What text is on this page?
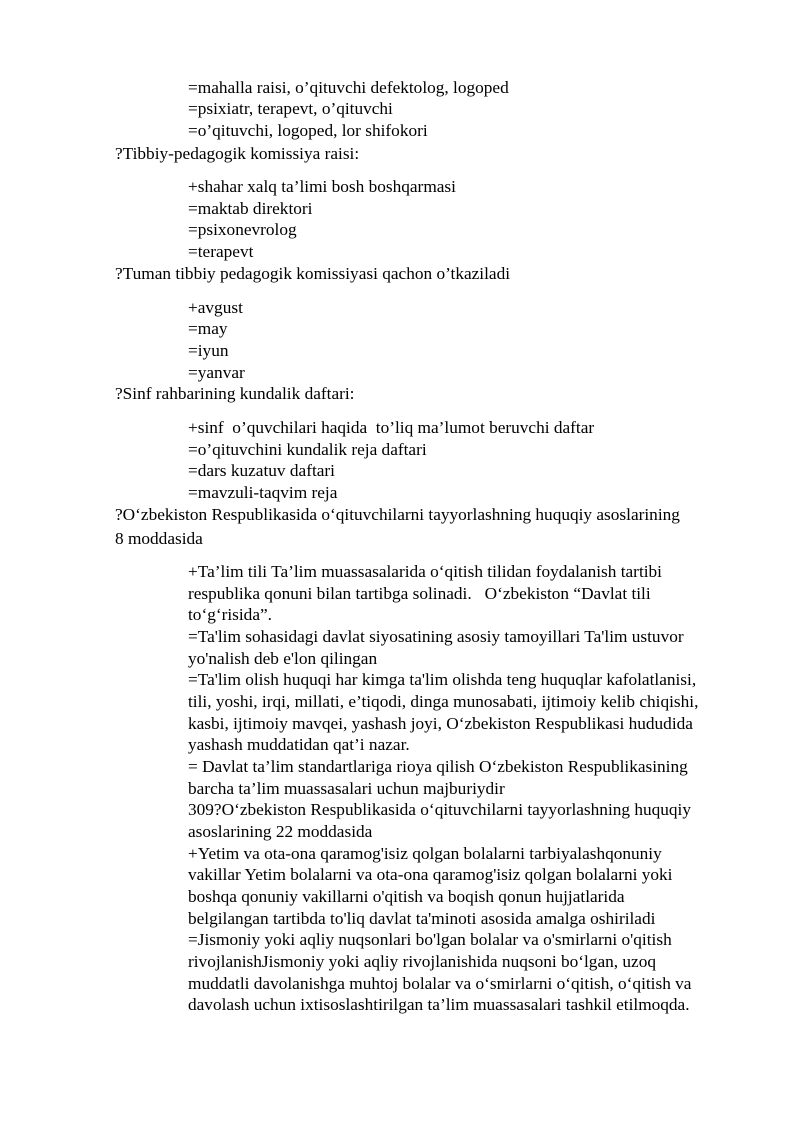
=mahalla raisi, o’qituvchi defektolog, logoped

=psixiatr, terapevt, o’qituvchi

=o’qituvchi, logoped, lor shifokori

?Tibbiy-pedagogik komissiya raisi:

+shahar xalq ta’limi bosh boshqarmasi

=maktab direktori

=psixonevrolog

=terapevt

?Tuman tibbiy pedagogik komissiyasi qachon o’tkaziladi

+avgust

=may

=iyun

=yanvar

?Sinf rahbarining kundalik daftari:

+sinf  o’quvchilari haqida  to’liq ma’lumot beruvchi daftar

=o’qituvchini kundalik reja daftari

=dars kuzatuv daftari

=mavzuli-taqvim reja

?O‘zbekiston Respublikasida o‘qituvchilarni tayyorlashning huquqiy asoslarining

8 moddasida

+Ta’lim tili Ta’lim muassasalarida o‘qitish tilidan foydalanish tartibi

respublika qonuni bilan tartibga solinadi.   O‘zbekiston “Davlat tili

to‘g‘risida”.

=Ta'lim sohasidagi davlat siyosatining asosiy tamoyillari Ta'lim ustuvor

yo'nalish deb e'lon qilingan

=Ta'lim olish huquqi har kimga ta'lim olishda teng huquqlar kafolatlanisi,

tili, yoshi, irqi, millati, e’tiqodi, dinga munosabati, ijtimoiy kelib chiqishi,

kasbi, ijtimoiy mavqei, yashash joyi, O‘zbekiston Respublikasi hududida

yashash muddatidan qat’i nazar.

= Davlat ta’lim standartlariga rioya qilish O‘zbekiston Respublikasining

barcha ta’lim muassasalari uchun majburiydir

309?O‘zbekiston Respublikasida o‘qituvchilarni tayyorlashning huquqiy

asoslarining 22 moddasida

+Yetim va ota-ona qaramog'isiz qolgan bolalarni tarbiyalashqonuniy

vakillar Yetim bolalarni va ota-ona qaramog'isiz qolgan bolalarni yoki

boshqa qonuniy vakillarni o'qitish va boqish qonun hujjatlarida

belgilangan tartibda to'liq davlat ta'minoti asosida amalga oshiriladi

=Jismoniy yoki aqliy nuqsonlari bo'lgan bolalar va o'smirlarni o'qitish

rivojlanishJismoniy yoki aqliy rivojlanishida nuqsoni bo‘lgan, uzoq

muddatli davolanishga muhtoj bolalar va o‘smirlarni o‘qitish, o‘qitish va

davolash uchun ixtisoslashtirilgan ta’lim muassasalari tashkil etilmoqda.
